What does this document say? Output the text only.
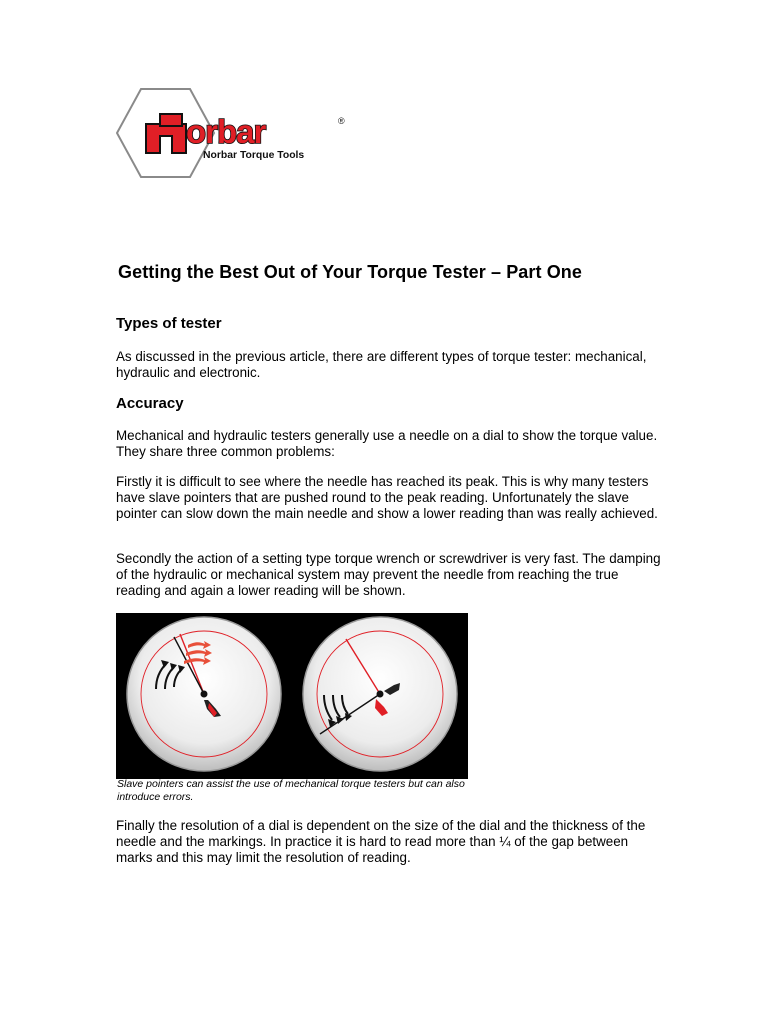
orbar	®
Norbar Torque Tools
Getting the Best Out of Your Torque Tester – Part One
Types of tester

As discussed in the previous article, there are different types of torque tester: mechanical, hydraulic and electronic.

Accuracy

Mechanical and hydraulic testers generally use a needle on a dial to show the torque value. They share three common problems:

Firstly it is difficult to see where the needle has reached its peak. This is why many testers have slave pointers that are pushed round to the peak reading. Unfortunately the slave pointer can slow down the main needle and show a lower reading than was really achieved.

Secondly the action of a setting type torque wrench or screwdriver is very fast. The damping of the hydraulic or mechanical system may prevent the needle from reaching the true reading and again a lower reading will be shown.

Slave pointers can assist the use of mechanical torque testers but can also introduce errors.

Finally the resolution of a dial is dependent on the size of the dial and the thickness of the needle and the markings. In practice it is hard to read more than ¼ of the gap between marks and this may limit the resolution of reading.
